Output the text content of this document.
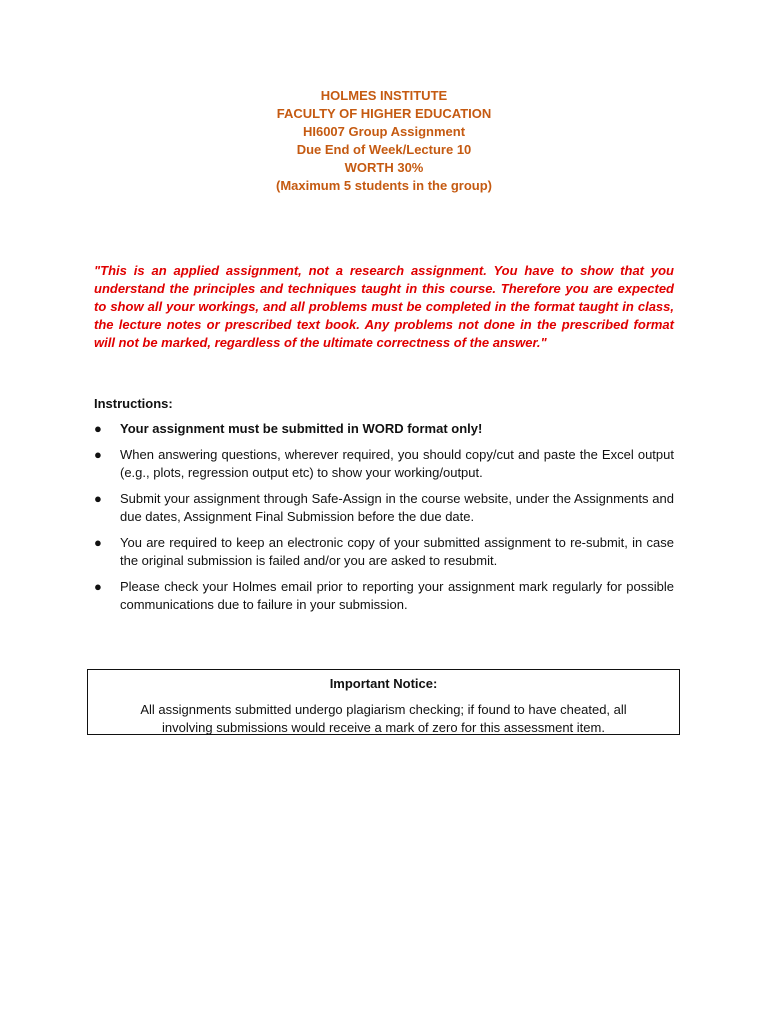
HOLMES INSTITUTE
FACULTY OF HIGHER EDUCATION
HI6007 Group Assignment
Due End of Week/Lecture 10
WORTH 30%
(Maximum 5 students in the group)
"This is an applied assignment, not a research assignment. You have to show that you understand the principles and techniques taught in this course. Therefore you are expected to show all your workings, and all problems must be completed in the format taught in class, the lecture notes or prescribed text book. Any problems not done in the prescribed format will not be marked, regardless of the ultimate correctness of the answer."
Instructions:
●	Your assignment must be submitted in WORD format only!
●	When answering questions, wherever required, you should copy/cut and paste the Excel output (e.g., plots, regression output etc) to show your working/output.
●	Submit your assignment through Safe-Assign in the course website, under the Assignments and due dates, Assignment Final Submission before the due date.
●	You are required to keep an electronic copy of your submitted assignment to re-submit, in case the original submission is failed and/or you are asked to resubmit.
●	Please check your Holmes email prior to reporting your assignment mark regularly for possible communications due to failure in your submission.
Important Notice:
All assignments submitted undergo plagiarism checking; if found to have cheated, all involving submissions would receive a mark of zero for this assessment item.
